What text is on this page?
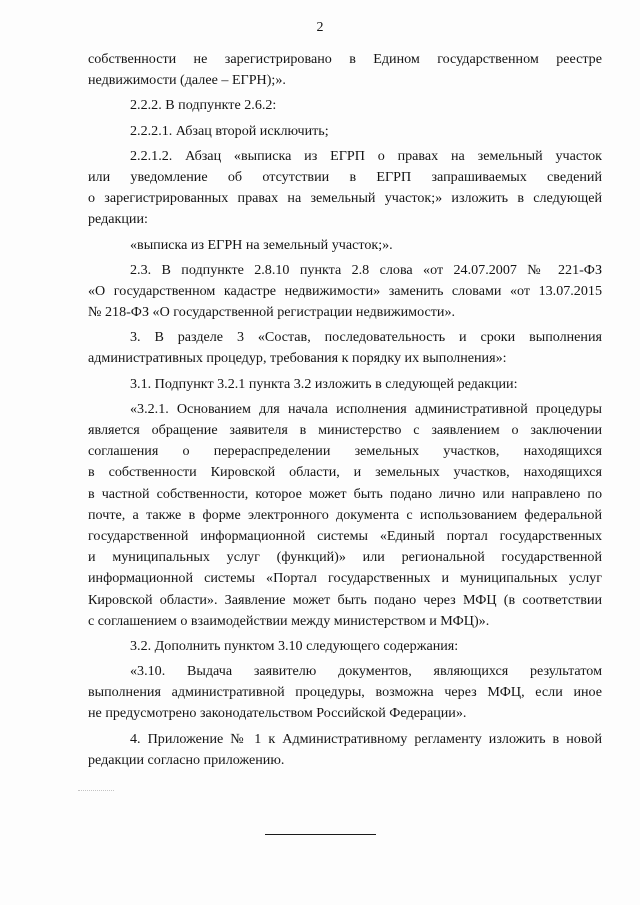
2
собственности не зарегистрировано в Едином государственном реестре
недвижимости (далее – ЕГРН);».
2.2.2. В подпункте 2.6.2:
2.2.2.1. Абзац второй исключить;
2.2.1.2. Абзац «выписка из ЕГРП о правах на земельный участок
или уведомление об отсутствии в ЕГРП запрашиваемых сведений
о зарегистрированных правах на земельный участок;» изложить в следующей
редакции:
«выписка из ЕГРН на земельный участок;».
2.3. В подпункте 2.8.10 пункта 2.8 слова «от 24.07.2007 № 221-ФЗ
«О государственном кадастре недвижимости» заменить словами «от 13.07.2015
№ 218-ФЗ «О государственной регистрации недвижимости».
3. В разделе 3 «Состав, последовательность и сроки выполнения
административных процедур, требования к порядку их выполнения»:
3.1. Подпункт 3.2.1 пункта 3.2 изложить в следующей редакции:
«3.2.1. Основанием для начала исполнения административной процедуры
является обращение заявителя в министерство с заявлением о заключении
соглашения о перераспределении земельных участков, находящихся
в собственности Кировской области, и земельных участков, находящихся
в частной собственности, которое может быть подано лично или направлено по
почте, а также в форме электронного документа с использованием федеральной
государственной информационной системы «Единый портал государственных
и муниципальных услуг (функций)» или региональной государственной
информационной системы «Портал государственных и муниципальных услуг
Кировской области». Заявление может быть подано через МФЦ (в соответствии
с соглашением о взаимодействии между министерством и МФЦ)».
3.2. Дополнить пунктом 3.10 следующего содержания:
«3.10. Выдача заявителю документов, являющихся результатом
выполнения административной процедуры, возможна через МФЦ, если иное
не предусмотрено законодательством Российской Федерации».
4. Приложение № 1 к Административному регламенту изложить в новой
редакции согласно приложению.
